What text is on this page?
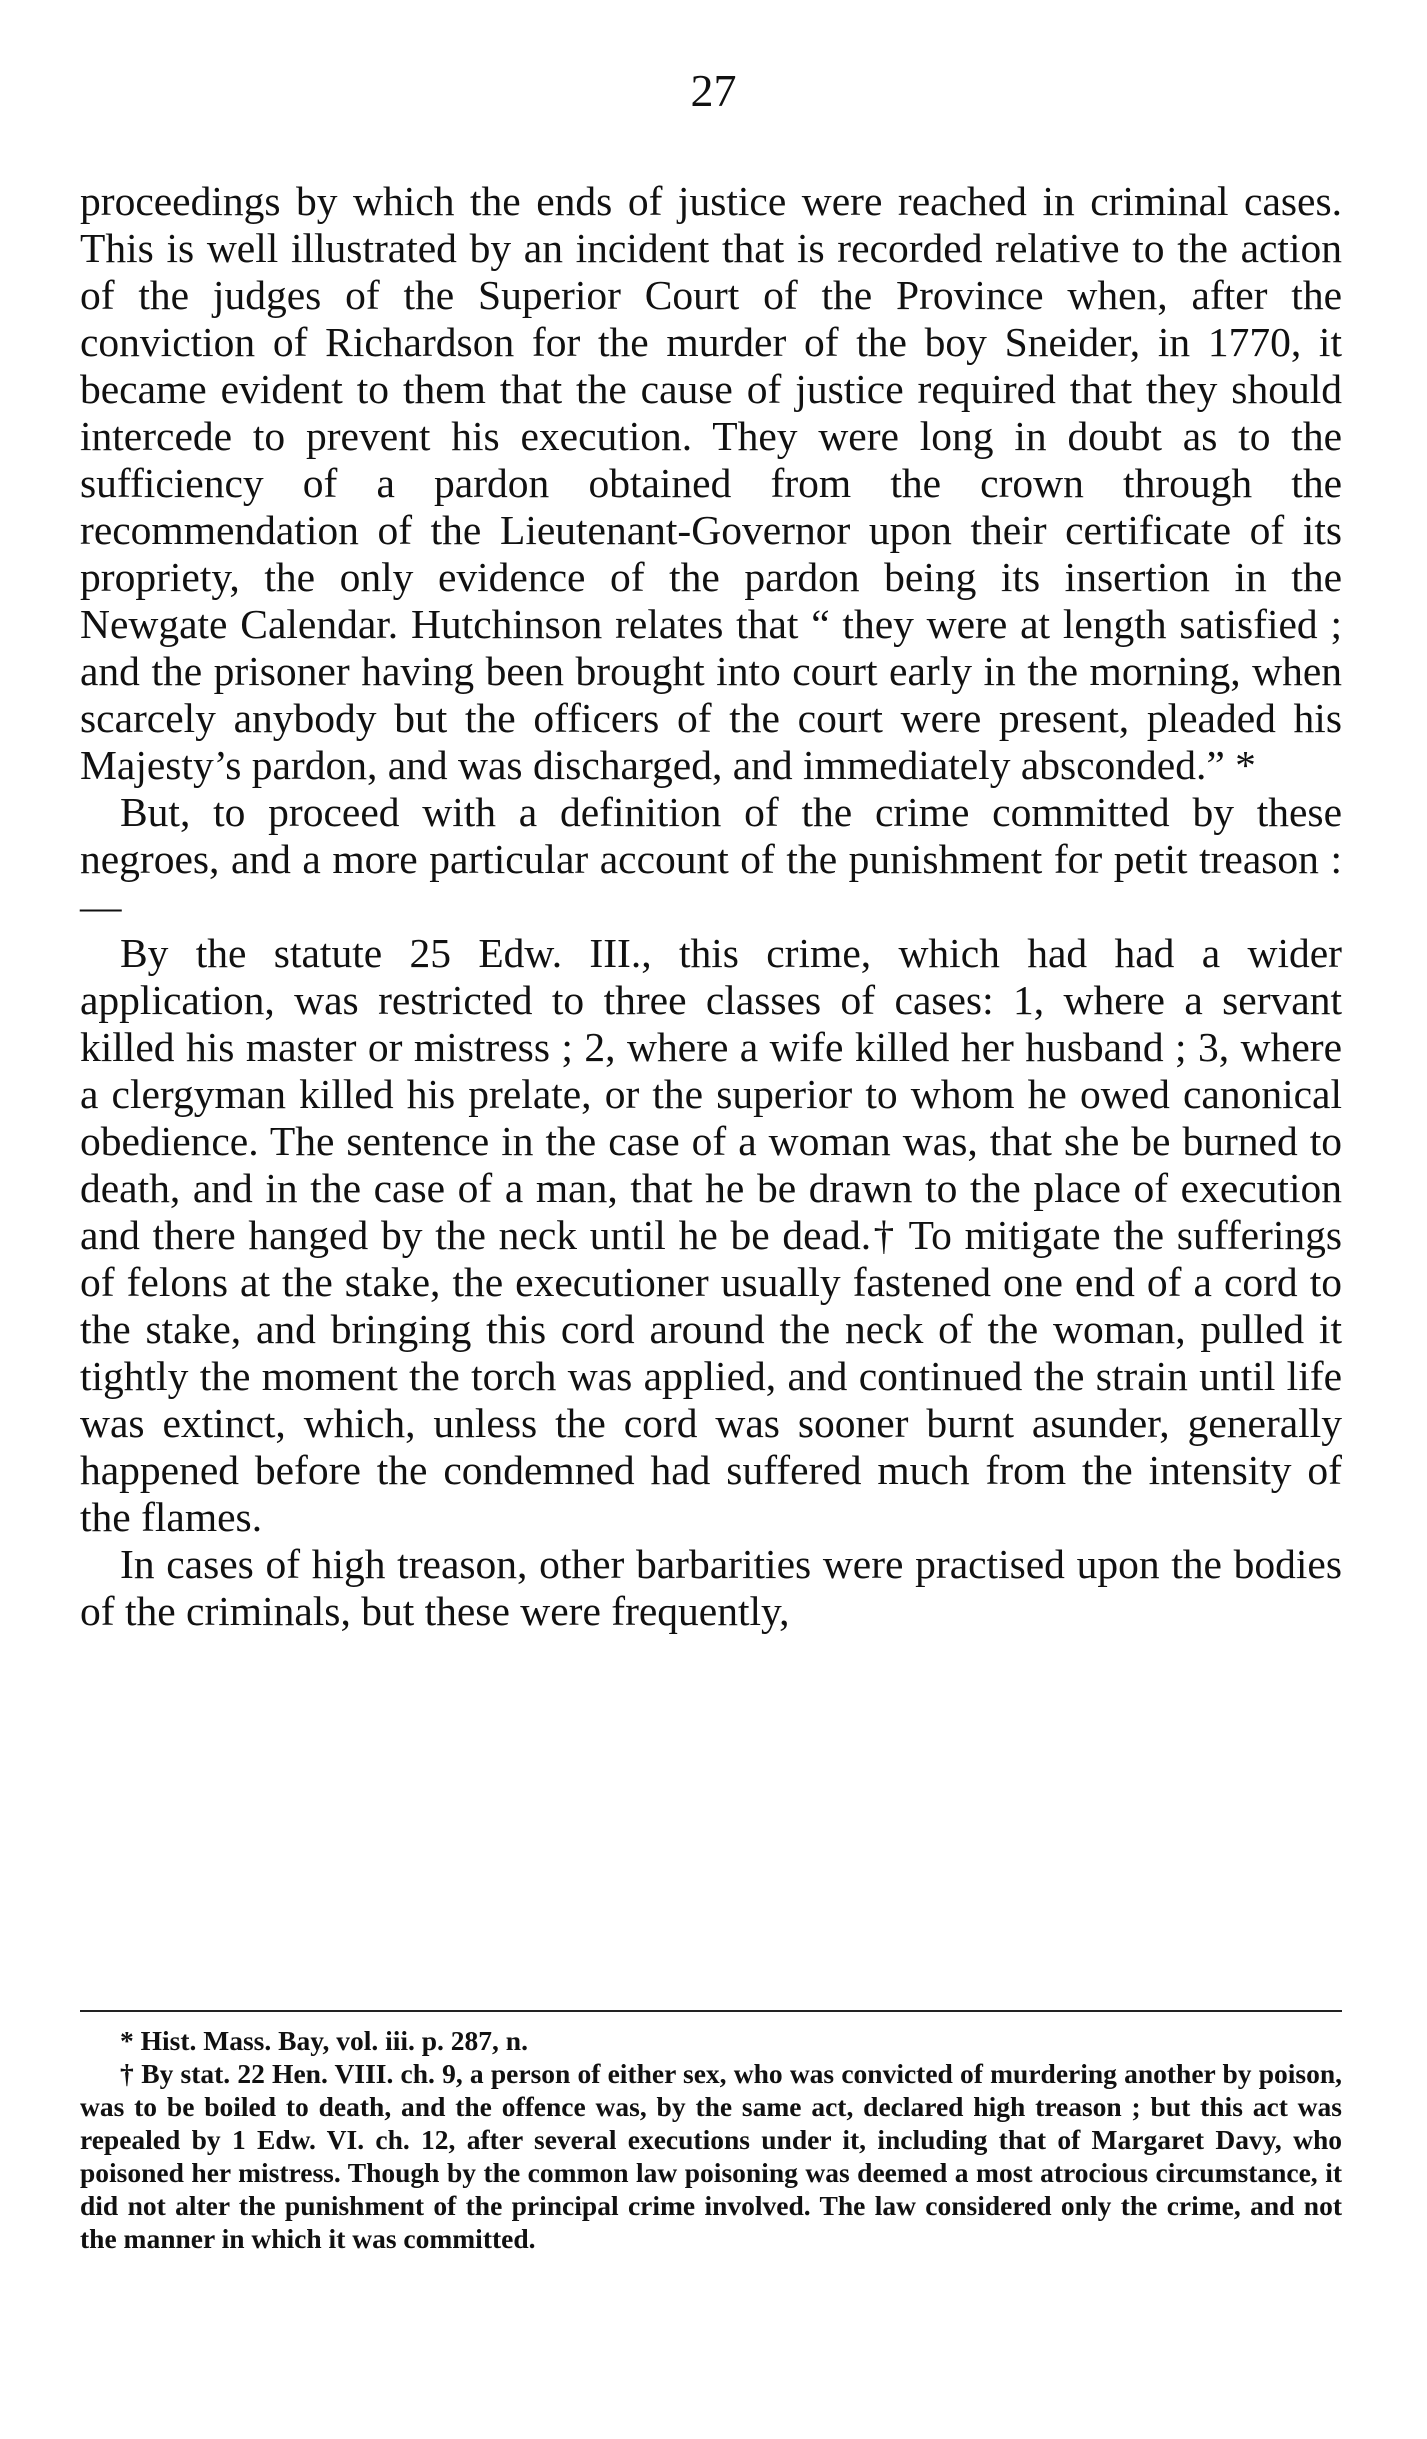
27

proceedings by which the ends of justice were reached in criminal cases. This is well illustrated by an incident that is recorded relative to the action of the judges of the Superior Court of the Province when, after the conviction of Richardson for the murder of the boy Sneider, in 1770, it became evident to them that the cause of justice required that they should intercede to prevent his execution. They were long in doubt as to the sufficiency of a pardon obtained from the crown through the recommendation of the Lieutenant-Governor upon their certificate of its propriety, the only evidence of the pardon being its insertion in the Newgate Calendar. Hutchinson relates that “ they were at length satisfied ; and the prisoner having been brought into court early in the morning, when scarcely anybody but the officers of the court were present, pleaded his Majesty’s pardon, and was discharged, and immediately absconded.” *

But, to proceed with a definition of the crime committed by these negroes, and a more particular account of the punishment for petit treason : —

By the statute 25 Edw. III., this crime, which had had a wider application, was restricted to three classes of cases: 1, where a servant killed his master or mistress ; 2, where a wife killed her husband ; 3, where a clergyman killed his prelate, or the superior to whom he owed canonical obedience. The sentence in the case of a woman was, that she be burned to death, and in the case of a man, that he be drawn to the place of execution and there hanged by the neck until he be dead.† To mitigate the sufferings of felons at the stake, the executioner usually fastened one end of a cord to the stake, and bringing this cord around the neck of the woman, pulled it tightly the moment the torch was applied, and continued the strain until life was extinct, which, unless the cord was sooner burnt asunder, generally happened before the condemned had suffered much from the intensity of the flames.

In cases of high treason, other barbarities were practised upon the bodies of the criminals, but these were frequently,

* Hist. Mass. Bay, vol. iii. p. 287, n.

† By stat. 22 Hen. VIII. ch. 9, a person of either sex, who was convicted of murdering another by poison, was to be boiled to death, and the offence was, by the same act, declared high treason ; but this act was repealed by 1 Edw. VI. ch. 12, after several executions under it, including that of Margaret Davy, who poisoned her mistress. Though by the common law poisoning was deemed a most atrocious circumstance, it did not alter the punishment of the principal crime involved. The law considered only the crime, and not the manner in which it was committed.
